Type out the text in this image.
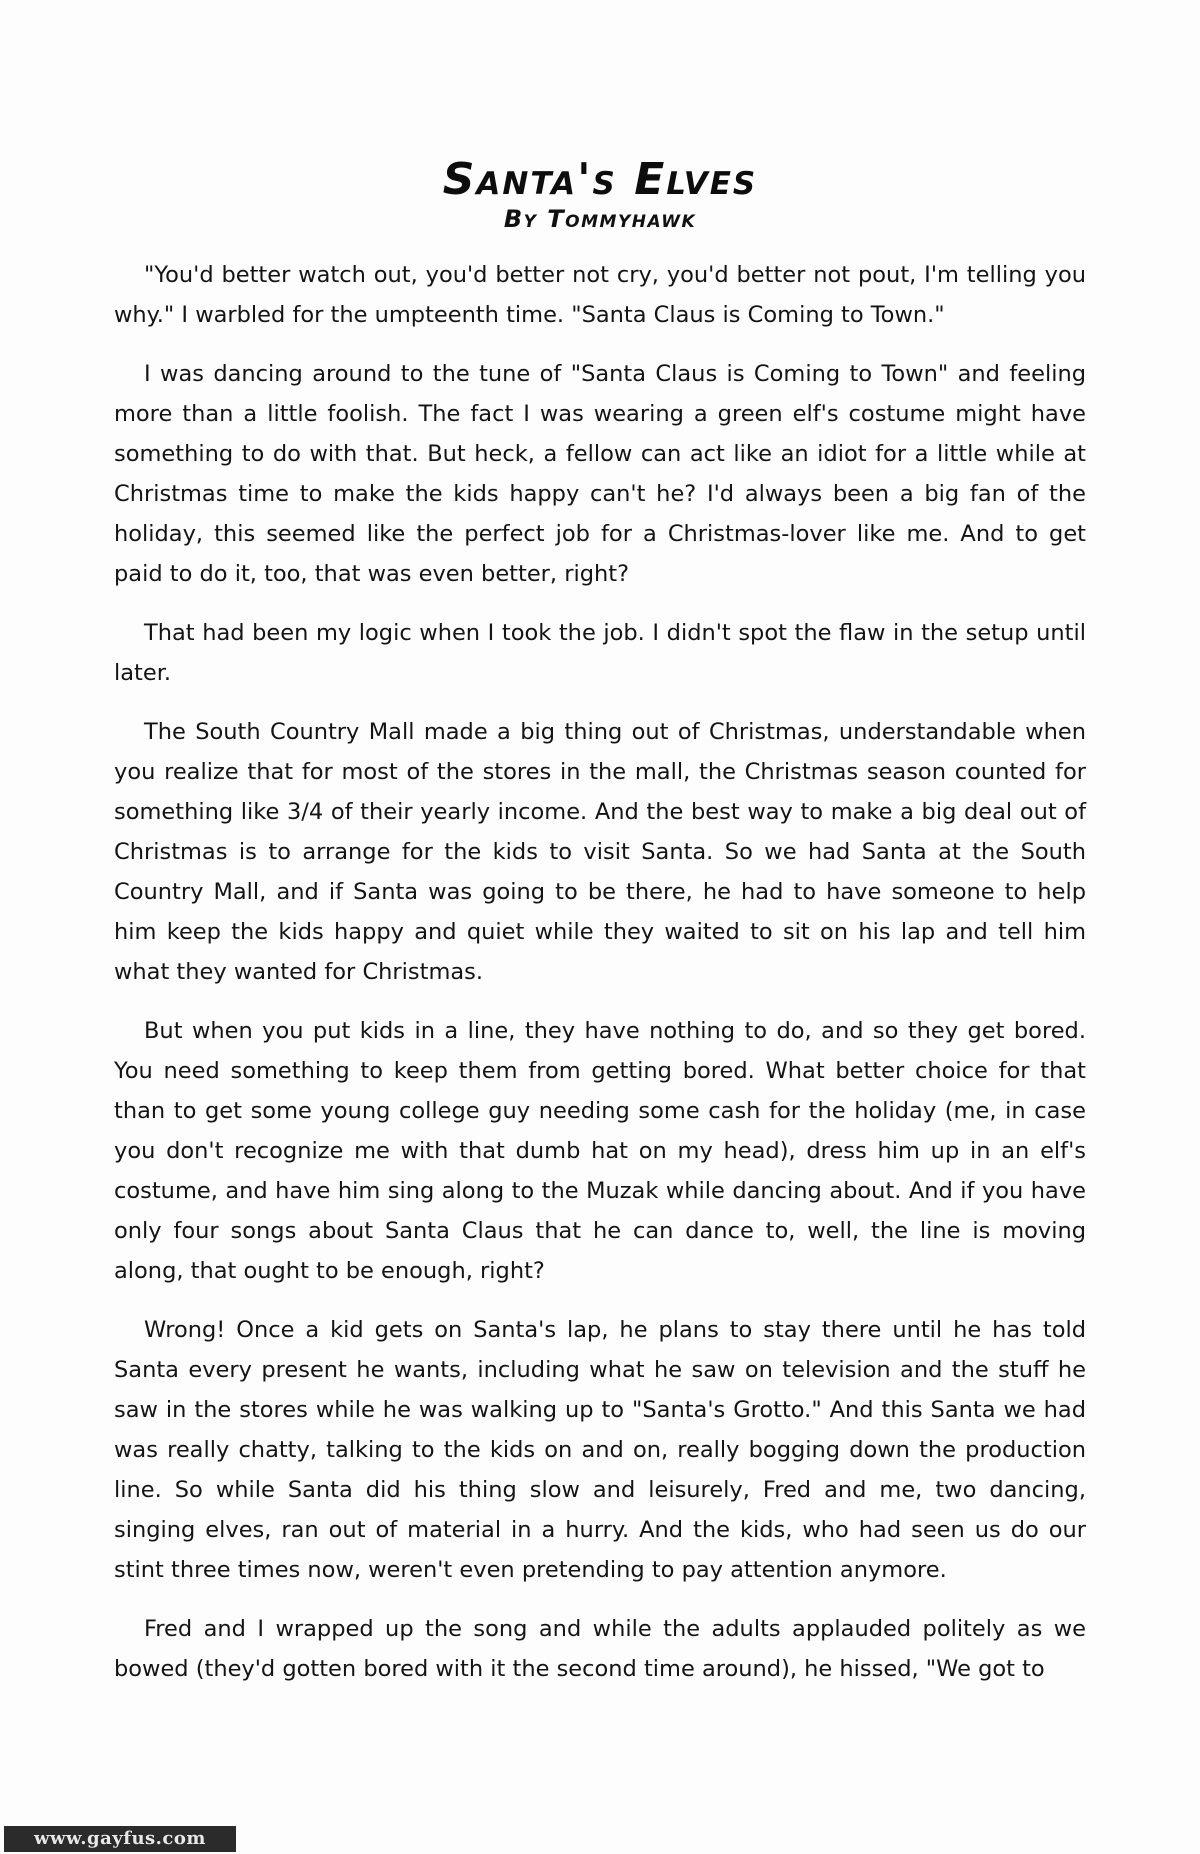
Santa's Elves
By Tommyhawk

"You'd better watch out, you'd better not cry, you'd better not pout, I'm telling you why." I warbled for the umpteenth time. "Santa Claus is Coming to Town."

I was dancing around to the tune of "Santa Claus is Coming to Town" and feeling more than a little foolish. The fact I was wearing a green elf's costume might have something to do with that. But heck, a fellow can act like an idiot for a little while at Christmas time to make the kids happy can't he? I'd always been a big fan of the holiday, this seemed like the perfect job for a Christmas-lover like me. And to get paid to do it, too, that was even better, right?

That had been my logic when I took the job. I didn't spot the flaw in the setup until later.

The South Country Mall made a big thing out of Christmas, understandable when you realize that for most of the stores in the mall, the Christmas season counted for something like 3/4 of their yearly income. And the best way to make a big deal out of Christmas is to arrange for the kids to visit Santa. So we had Santa at the South Country Mall, and if Santa was going to be there, he had to have someone to help him keep the kids happy and quiet while they waited to sit on his lap and tell him what they wanted for Christmas.

But when you put kids in a line, they have nothing to do, and so they get bored. You need something to keep them from getting bored. What better choice for that than to get some young college guy needing some cash for the holiday (me, in case you don't recognize me with that dumb hat on my head), dress him up in an elf's costume, and have him sing along to the Muzak while dancing about. And if you have only four songs about Santa Claus that he can dance to, well, the line is moving along, that ought to be enough, right?

Wrong! Once a kid gets on Santa's lap, he plans to stay there until he has told Santa every present he wants, including what he saw on television and the stuff he saw in the stores while he was walking up to "Santa's Grotto." And this Santa we had was really chatty, talking to the kids on and on, really bogging down the production line. So while Santa did his thing slow and leisurely, Fred and me, two dancing, singing elves, ran out of material in a hurry. And the kids, who had seen us do our stint three times now, weren't even pretending to pay attention anymore.

Fred and I wrapped up the song and while the adults applauded politely as we bowed (they'd gotten bored with it the second time around), he hissed, "We got to

www.gayfus.com
